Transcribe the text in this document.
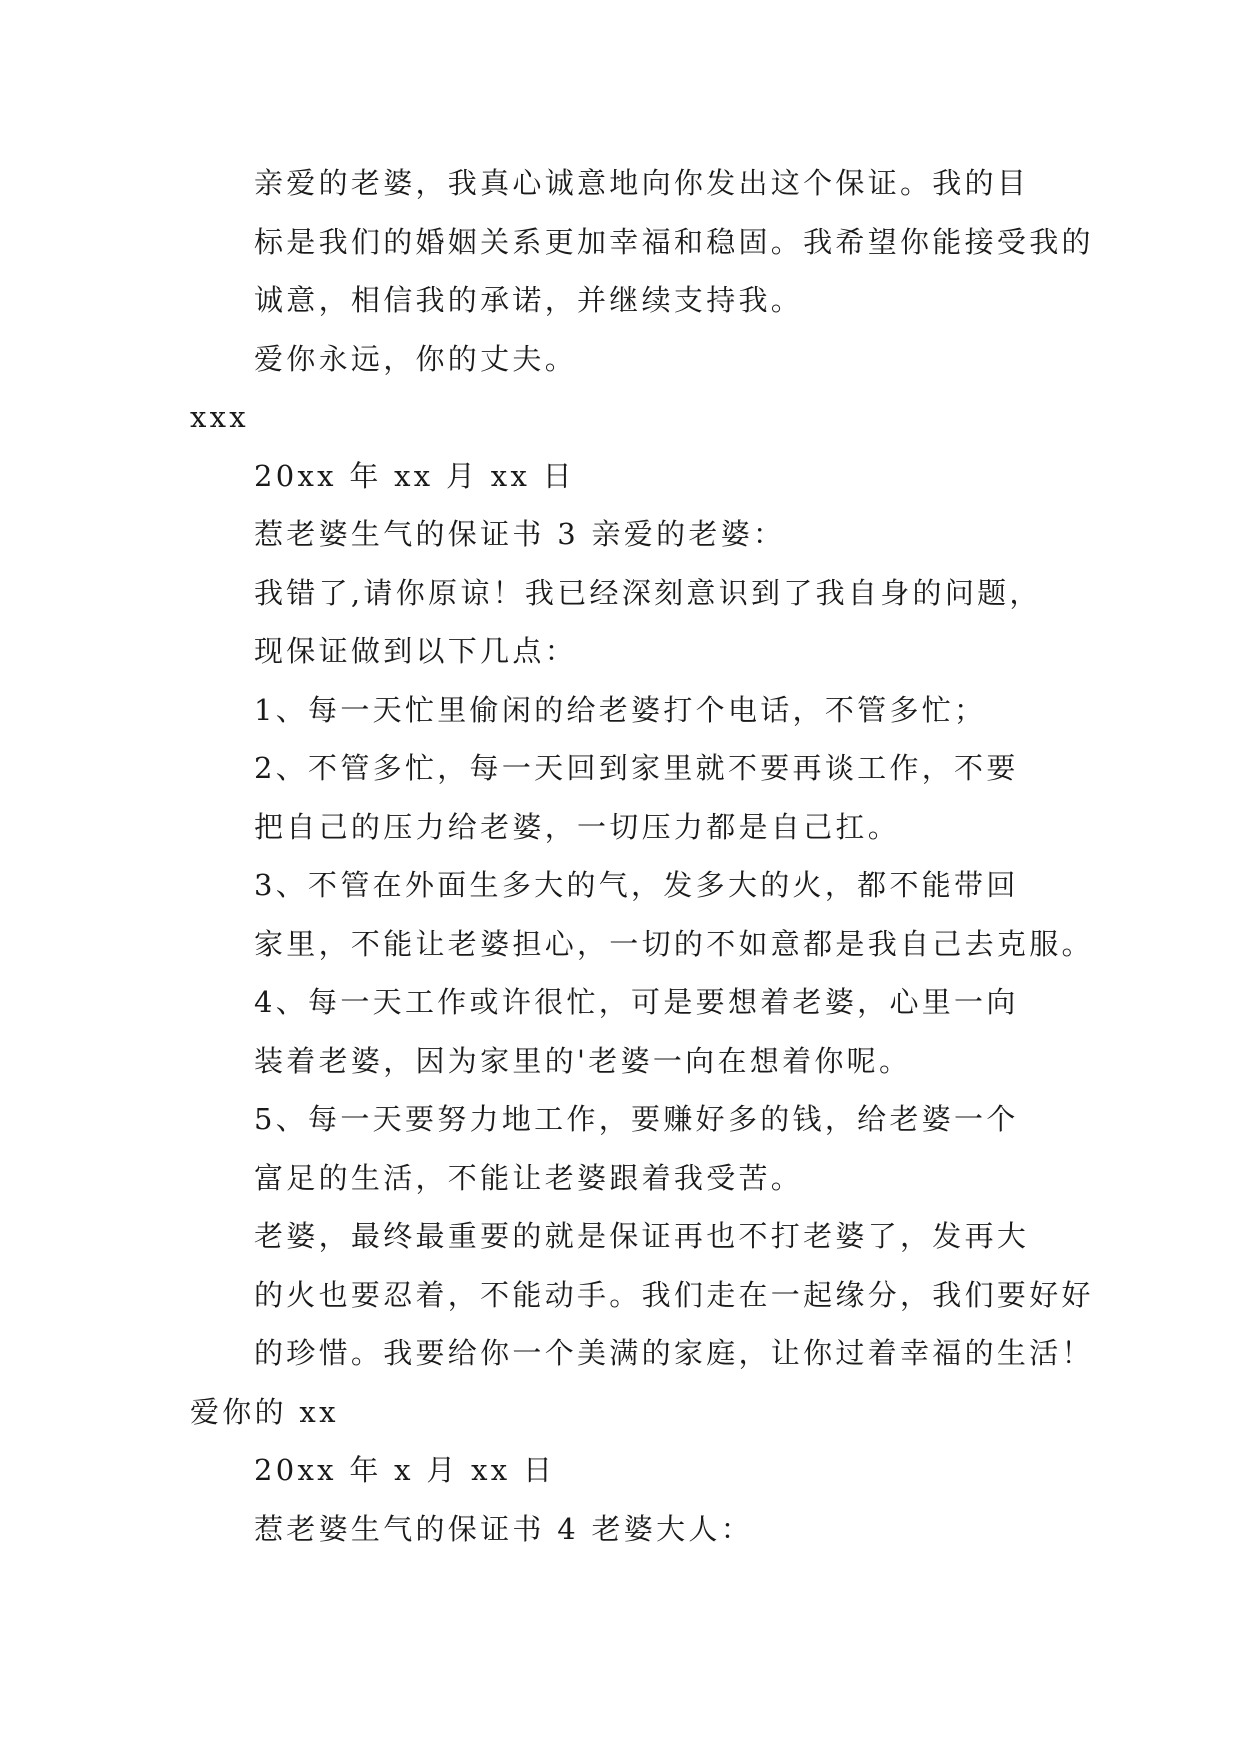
亲爱的老婆，我真心诚意地向你发出这个保证。我的目
标是我们的婚姻关系更加幸福和稳固。我希望你能接受我的
诚意，相信我的承诺，并继续支持我。

爱你永远，你的丈夫。

xxx

20xx 年 xx 月 xx 日

惹老婆生气的保证书 3 亲爱的老婆：

我错了,请你原谅！我已经深刻意识到了我自身的问题，
现保证做到以下几点：

1、每一天忙里偷闲的给老婆打个电话，不管多忙；

2、不管多忙，每一天回到家里就不要再谈工作，不要
把自己的压力给老婆，一切压力都是自己扛。

3、不管在外面生多大的气，发多大的火，都不能带回
家里，不能让老婆担心，一切的不如意都是我自己去克服。

4、每一天工作或许很忙，可是要想着老婆，心里一向
装着老婆，因为家里的'老婆一向在想着你呢。

5、每一天要努力地工作，要赚好多的钱，给老婆一个
富足的生活，不能让老婆跟着我受苦。

老婆，最终最重要的就是保证再也不打老婆了，发再大
的火也要忍着，不能动手。我们走在一起缘分，我们要好好
的珍惜。我要给你一个美满的家庭，让你过着幸福的生活！

爱你的 xx

20xx 年 x 月 xx 日

惹老婆生气的保证书 4 老婆大人：
